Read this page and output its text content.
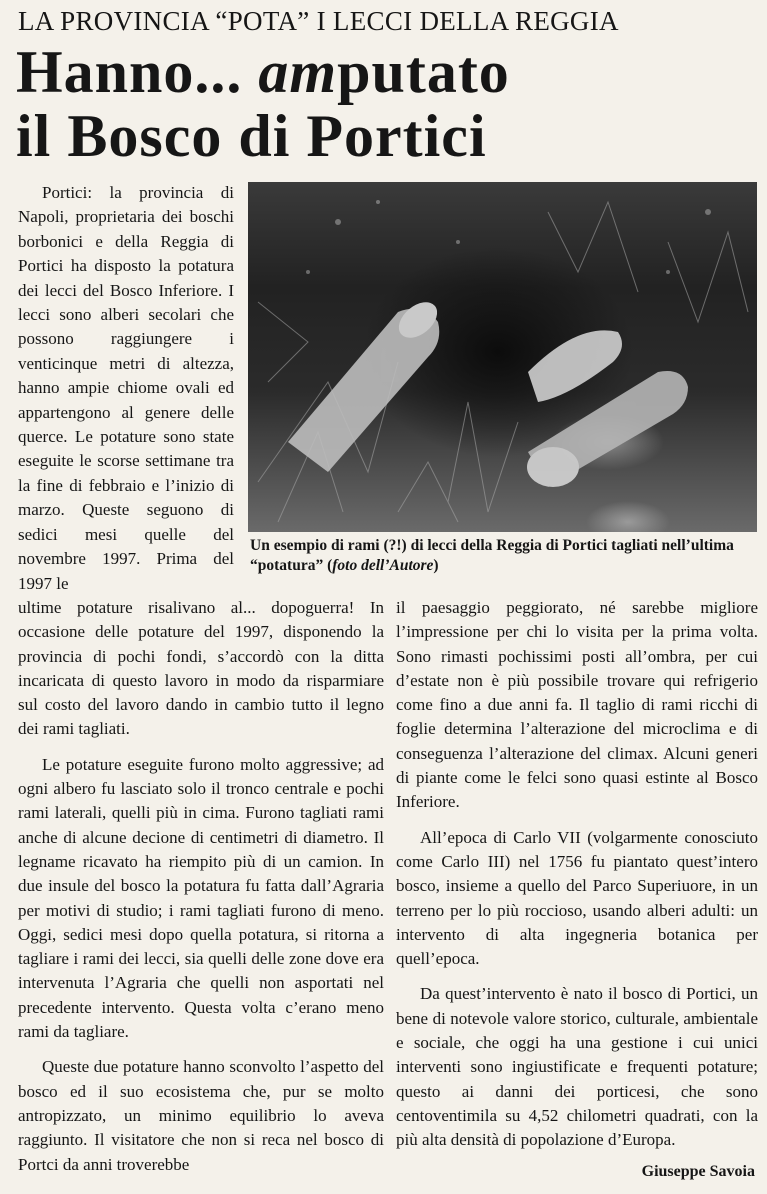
LA PROVINCIA “POTA” I LECCI DELLA REGGIA
Hanno... amputato
il Bosco di Portici
Un esempio di rami (?!) di lecci della Reggia di Portici tagliati nell’ultima “potatura” (foto dell’Autore)

Portici: la provincia di Napoli, proprietaria dei boschi borbonici e della Reggia di Portici ha disposto la potatura dei lecci del Bosco Inferiore. I lecci sono alberi secolari che possono raggiungere i venticinque metri di altezza, hanno ampie chiome ovali ed appartengono al genere delle querce. Le potature sono state eseguite le scorse settimane tra la fine di febbraio e l’inizio di marzo. Queste seguono di sedici mesi quelle del novembre 1997. Prima del 1997 le

ultime potature risalivano al... dopoguerra! In occasione delle potature del 1997, disponendo la provincia di pochi fondi, s’accordò con la ditta incaricata di questo lavoro in modo da risparmiare sul costo del lavoro dando in cambio tutto il legno dei rami tagliati.

Le potature eseguite furono molto aggressive; ad ogni albero fu lasciato solo il tronco centrale e pochi rami laterali, quelli più in cima. Furono tagliati rami anche di alcune decione di centimetri di diametro. Il legname ricavato ha riempito più di un camion. In due insule del bosco la potatura fu fatta dall’Agraria per motivi di studio; i rami tagliati furono di meno. Oggi, sedici mesi dopo quella potatura, si ritorna a tagliare i rami dei lecci, sia quelli delle zone dove era intervenuta l’Agraria che quelli non asportati nel precedente intervento. Questa volta c’erano meno rami da tagliare.

Queste due potature hanno sconvolto l’aspetto del bosco ed il suo ecosistema che, pur se molto antropizzato, un minimo equilibrio lo aveva raggiunto. Il visitatore che non si reca nel bosco di Portci da anni troverebbe

il paesaggio peggiorato, né sarebbe migliore l’impressione per chi lo visita per la prima volta. Sono rimasti pochissimi posti all’ombra, per cui d’estate non è più possibile trovare qui refrigerio come fino a due anni fa. Il taglio di rami ricchi di foglie determina l’alterazione del microclima e di conseguenza l’alterazione del climax. Alcuni generi di piante come le felci sono quasi estinte al Bosco Inferiore.

All’epoca di Carlo VII (volgarmente conosciuto come Carlo III) nel 1756 fu piantato quest’intero bosco, insieme a quello del Parco Superiuore, in un terreno per lo più roccioso, usando alberi adulti: un intervento di alta ingegneria botanica per quell’epoca.

Da quest’intervento è nato il bosco di Portici, un bene di notevole valore storico, culturale, ambientale e sociale, che oggi ha una gestione i cui unici interventi sono ingiustificate e frequenti potature; questo ai danni dei porticesi, che sono centoventimila su 4,52 chilometri quadrati, con la più alta densità di popolazione d’Europa.

Giuseppe Savoia
